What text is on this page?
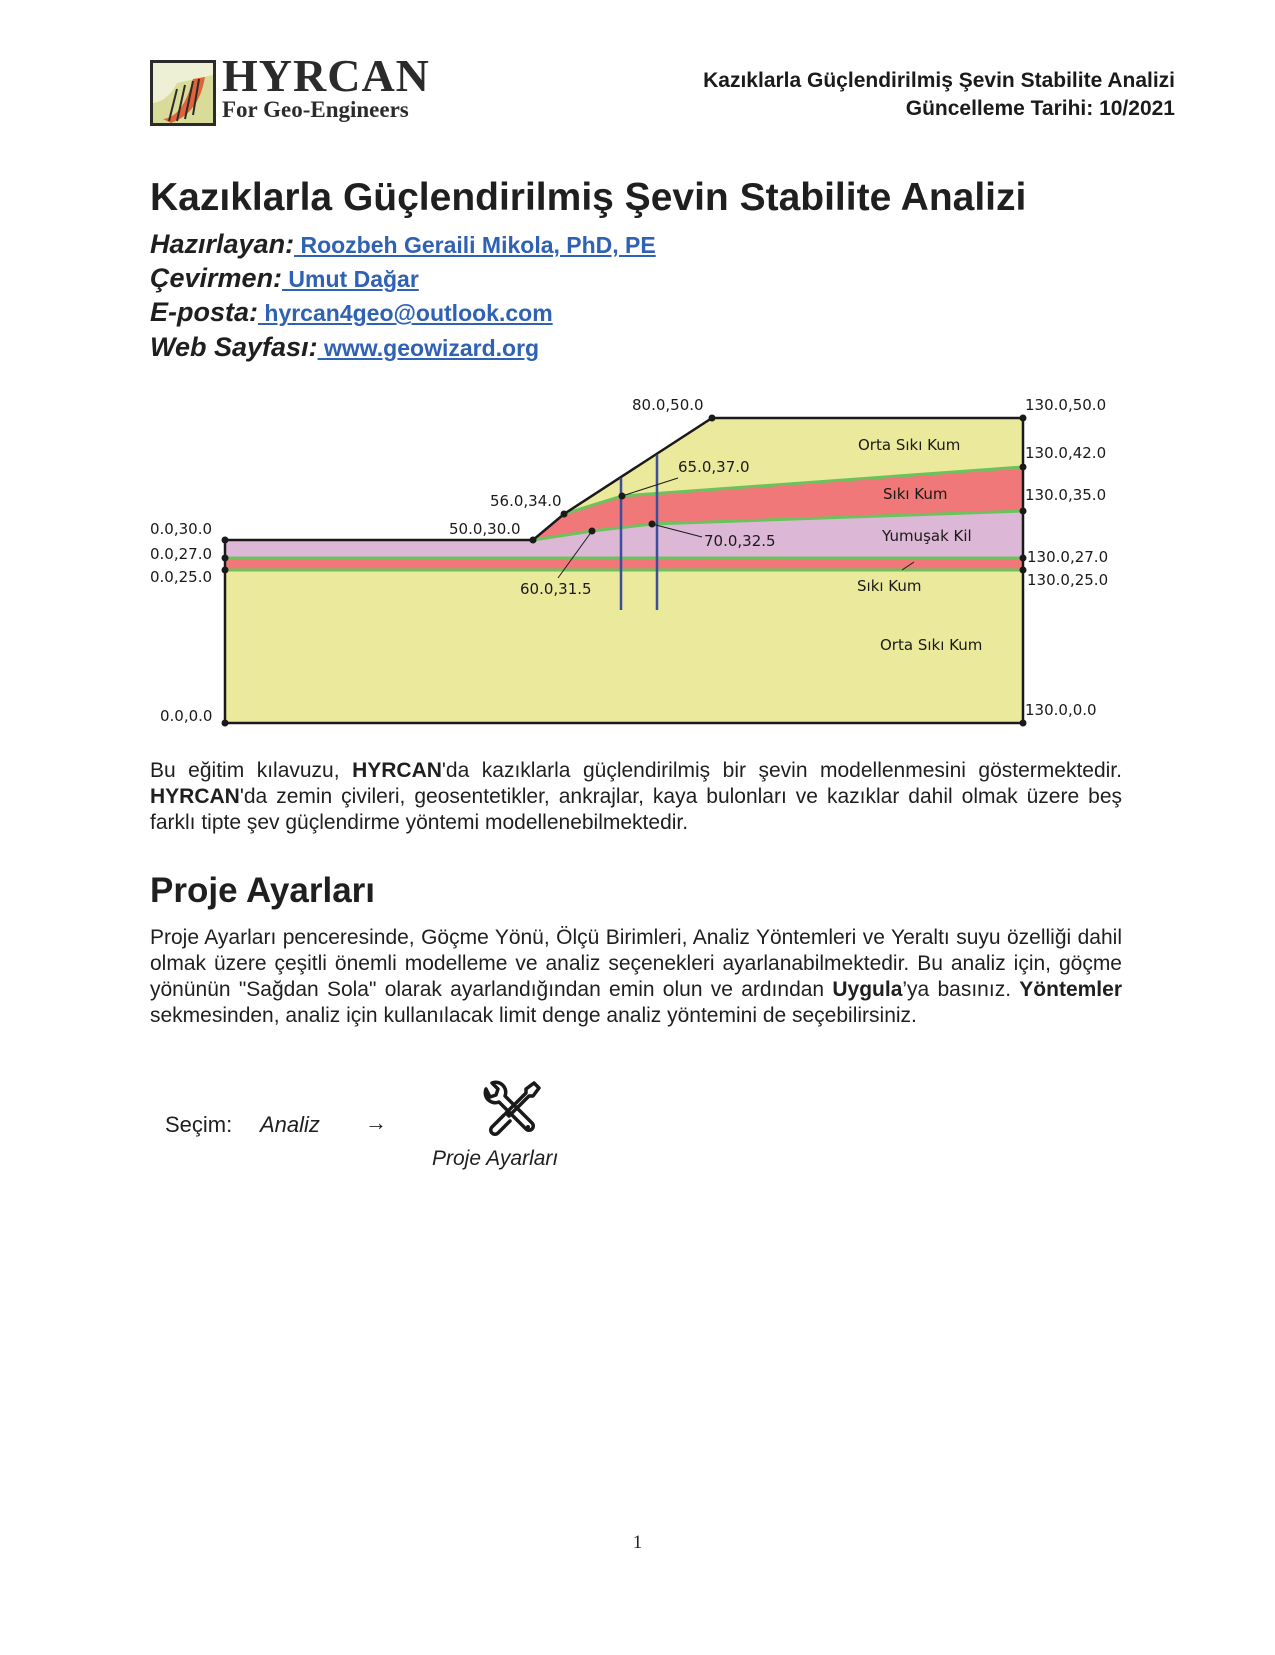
HYRCAN
For Geo-Engineers
Kazıklarla Güçlendirilmiş Şevin Stabilite Analizi
Güncelleme Tarihi: 10/2021
Kazıklarla Güçlendirilmiş Şevin Stabilite Analizi
Hazırlayan: Roozbeh Geraili Mikola, PhD, PE
Çevirmen: Umut Dağar
E-posta: hyrcan4geo@outlook.com
Web Sayfası: www.geowizard.org
0.0,30.0
0.0,27.0
0.0,25.0
0.0,0.0
50.0,30.0
56.0,34.0
80.0,50.0
65.0,37.0
60.0,31.5
70.0,32.5
130.0,50.0
130.0,42.0
130.0,35.0
130.0,27.0
130.0,25.0
130.0,0.0
Orta Sıkı Kum
Sıkı Kum
Yumuşak Kil
Sıkı Kum
Orta Sıkı Kum

Bu eğitim kılavuzu, HYRCAN'da kazıklarla güçlendirilmiş bir şevin modellenmesini göstermektedir. HYRCAN'da zemin çivileri, geosentetikler, ankrajlar, kaya bulonları ve kazıklar dahil olmak üzere beş farklı tipte şev güçlendirme yöntemi modellenebilmektedir.

Proje Ayarları

Proje Ayarları penceresinde, Göçme Yönü, Ölçü Birimleri, Analiz Yöntemleri ve Yeraltı suyu özelliği dahil olmak üzere çeşitli önemli modelleme ve analiz seçenekleri ayarlanabilmektedir. Bu analiz için, göçme yönünün "Sağdan Sola" olarak ayarlandığından emin olun ve ardından Uygula’ya basınız. Yöntemler sekmesinden, analiz için kullanılacak limit denge analiz yöntemini de seçebilirsiniz.

Seçim: Analiz →
Proje Ayarları
1
